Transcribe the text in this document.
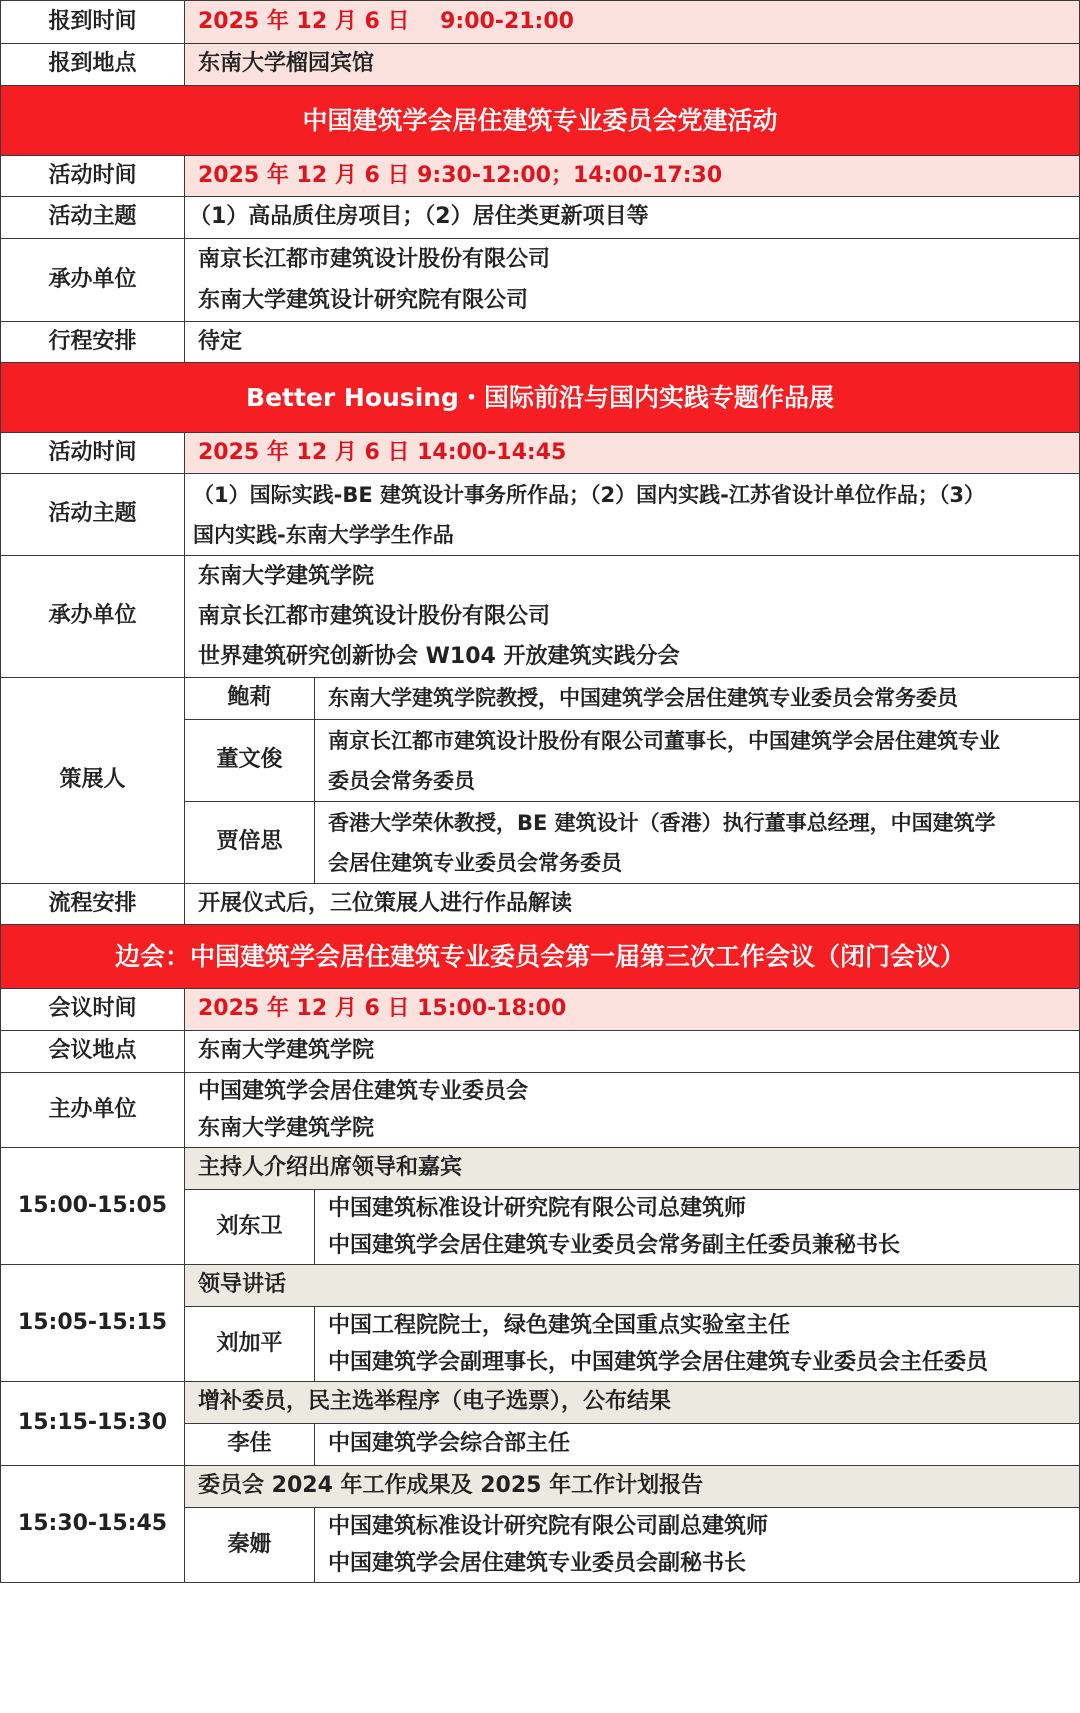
报到时间	2025 年 12 月 6 日    9:00-21:00	
报到地点	东南大学榴园宾馆	
中国建筑学会居住建筑专业委员会党建活动		
活动时间	2025 年 12 月 6 日 9:30-12:00；14:00-17:30	
活动主题	（1）高品质住房项目；（2）居住类更新项目等	
承办单位	南京长江都市建筑设计股份有限公司
东南大学建筑设计研究院有限公司	

行程安排	待定	
Better Housing・国际前沿与国内实践专题作品展		
活动时间	2025 年 12 月 6 日 14:00-14:45	
活动主题	（1）国际实践-BE 建筑设计事务所作品；（2）国内实践-江苏省设计单位作品；（3）
国内实践-东南大学学生作品	

承办单位	东南大学建筑学院
南京长江都市建筑设计股份有限公司
世界建筑研究创新协会 W104 开放建筑实践分会	

策展人	鲍莉	东南大学建筑学院教授，中国建筑学会居住建筑专业委员会常务委员
	董文俊	南京长江都市建筑设计股份有限公司董事长，中国建筑学会居住建筑专业
委员会常务委员

	贾倍思	香港大学荣休教授，BE 建筑设计（香港）执行董事总经理，中国建筑学
会居住建筑专业委员会常务委员

流程安排	开展仪式后，三位策展人进行作品解读	
边会：中国建筑学会居住建筑专业委员会第一届第三次工作会议（闭门会议）		
会议时间	2025 年 12 月 6 日 15:00-18:00	
会议地点	东南大学建筑学院	
主办单位	中国建筑学会居住建筑专业委员会
东南大学建筑学院	

15:00-15:05	主持人介绍出席领导和嘉宾	
	刘东卫	中国建筑标准设计研究院有限公司总建筑师
中国建筑学会居住建筑专业委员会常务副主任委员兼秘书长

15:05-15:15	领导讲话	
	刘加平	中国工程院院士，绿色建筑全国重点实验室主任
中国建筑学会副理事长，中国建筑学会居住建筑专业委员会主任委员

15:15-15:30	增补委员，民主选举程序（电子选票），公布结果	
	李佳	中国建筑学会综合部主任
15:30-15:45	委员会 2024 年工作成果及 2025 年工作计划报告	
	秦姗	中国建筑标准设计研究院有限公司副总建筑师
中国建筑学会居住建筑专业委员会副秘书长
